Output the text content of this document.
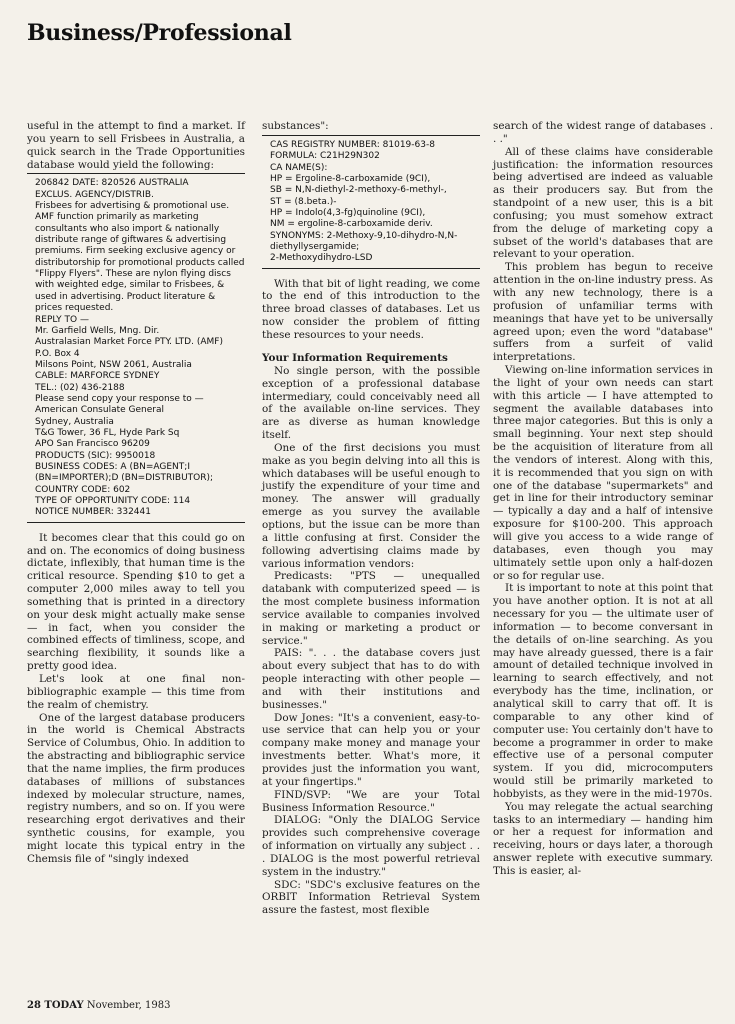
Business/Professional

useful in the attempt to find a market. If you yearn to sell Frisbees in Australia, a quick search in the Trade Opportunities database would yield the following:

206842 DATE: 820526 AUSTRALIA
EXCLUS. AGENCY/DISTRIB.
Frisbees for advertising & promotional use. AMF function primarily as marketing consultants who also import & nationally distribute range of giftwares & advertising premiums. Firm seeking exclusive agency or distributorship for promotional products called "Flippy Flyers". These are nylon flying discs with weighted edge, similar to Frisbees, & used in advertising. Product literature & prices requested.
REPLY TO —
Mr. Garfield Wells, Mng. Dir.
Australasian Market Force PTY. LTD. (AMF)
P.O. Box 4
Milsons Point, NSW 2061, Australia
CABLE: MARFORCE SYDNEY
TEL.: (02) 436-2188
Please send copy your response to —
American Consulate General
Sydney, Australia
T&G Tower, 36 FL, Hyde Park Sq
APO San Francisco 96209
PRODUCTS (SIC): 9950018
BUSINESS CODES: A (BN=AGENT;I (BN=IMPORTER);D (BN=DISTRIBUTOR);
COUNTRY CODE: 602
TYPE OF OPPORTUNITY CODE: 114
NOTICE NUMBER: 332441

It becomes clear that this could go on and on. The economics of doing business dictate, inflexibly, that human time is the critical resource. Spending $10 to get a computer 2,000 miles away to tell you something that is printed in a directory on your desk might actually make sense — in fact, when you consider the combined effects of timliness, scope, and searching flexibility, it sounds like a pretty good idea.

Let's look at one final non-bibliographic example — this time from the realm of chemistry.

One of the largest database producers in the world is Chemical Abstracts Service of Columbus, Ohio. In addition to the abstracting and bibliographic service that the name implies, the firm produces databases of millions of substances indexed by molecular structure, names, registry numbers, and so on. If you were researching ergot derivatives and their synthetic cousins, for example, you might locate this typical entry in the Chemsis file of "singly indexed

substances":

CAS REGISTRY NUMBER: 81019-63-8
FORMULA: C21H29N302
CA NAME(S):
HP = Ergoline-8-carboxamide (9CI),
SB = N,N-diethyl-2-methoxy-6-methyl-,
ST = (8.beta.)-
HP = Indolo(4,3-fg)quinoline (9CI),
NM = ergoline-8-carboxamide deriv.
SYNONYMS: 2-Methoxy-9,10-dihydro-N,N-diethyllysergamide;
2-Methoxydihydro-LSD

With that bit of light reading, we come to the end of this introduction to the three broad classes of databases. Let us now consider the problem of fitting these resources to your needs.

Your Information Requirements

No single person, with the possible exception of a professional database intermediary, could conceivably need all of the available on-line services. They are as diverse as human knowledge itself.

One of the first decisions you must make as you begin delving into all this is which databases will be useful enough to justify the expenditure of your time and money. The answer will gradually emerge as you survey the available options, but the issue can be more than a little confusing at first. Consider the following advertising claims made by various information vendors:

Predicasts: "PTS — unequalled databank with computerized speed — is the most complete business information service available to companies involved in making or marketing a product or service."

PAIS: ". . . the database covers just about every subject that has to do with people interacting with other people — and with their institutions and businesses."

Dow Jones: "It's a convenient, easy-to-use service that can help you or your company make money and manage your investments better. What's more, it provides just the information you want, at your fingertips."

FIND/SVP: "We are your Total Business Information Resource."

DIALOG: "Only the DIALOG Service provides such comprehensive coverage of information on virtually any subject . . . DIALOG is the most powerful retrieval system in the industry."

SDC: "SDC's exclusive features on the ORBIT Information Retrieval System assure the fastest, most flexible

search of the widest range of databases . . ."

All of these claims have considerable justification: the information resources being advertised are indeed as valuable as their producers say. But from the standpoint of a new user, this is a bit confusing; you must somehow extract from the deluge of marketing copy a subset of the world's databases that are relevant to your operation.

This problem has begun to receive attention in the on-line industry press. As with any new technology, there is a profusion of unfamiliar terms with meanings that have yet to be universally agreed upon; even the word "database" suffers from a surfeit of valid interpretations.

Viewing on-line information services in the light of your own needs can start with this article — I have attempted to segment the available databases into three major categories. But this is only a small beginning. Your next step should be the acquisition of literature from all the vendors of interest. Along with this, it is recommended that you sign on with one of the database "supermarkets" and get in line for their introductory seminar — typically a day and a half of intensive exposure for $100-200. This approach will give you access to a wide range of databases, even though you may ultimately settle upon only a half-dozen or so for regular use.

It is important to note at this point that you have another option. It is not at all necessary for you — the ultimate user of information — to become conversant in the details of on-line searching. As you may have already guessed, there is a fair amount of detailed technique involved in learning to search effectively, and not everybody has the time, inclination, or analytical skill to carry that off. It is comparable to any other kind of computer use: You certainly don't have to become a programmer in order to make effective use of a personal computer system. If you did, microcomputers would still be primarily marketed to hobbyists, as they were in the mid-1970s.

You may relegate the actual searching tasks to an intermediary — handing him or her a request for information and receiving, hours or days later, a thorough answer replete with executive summary. This is easier, al-

28 TODAY November, 1983
